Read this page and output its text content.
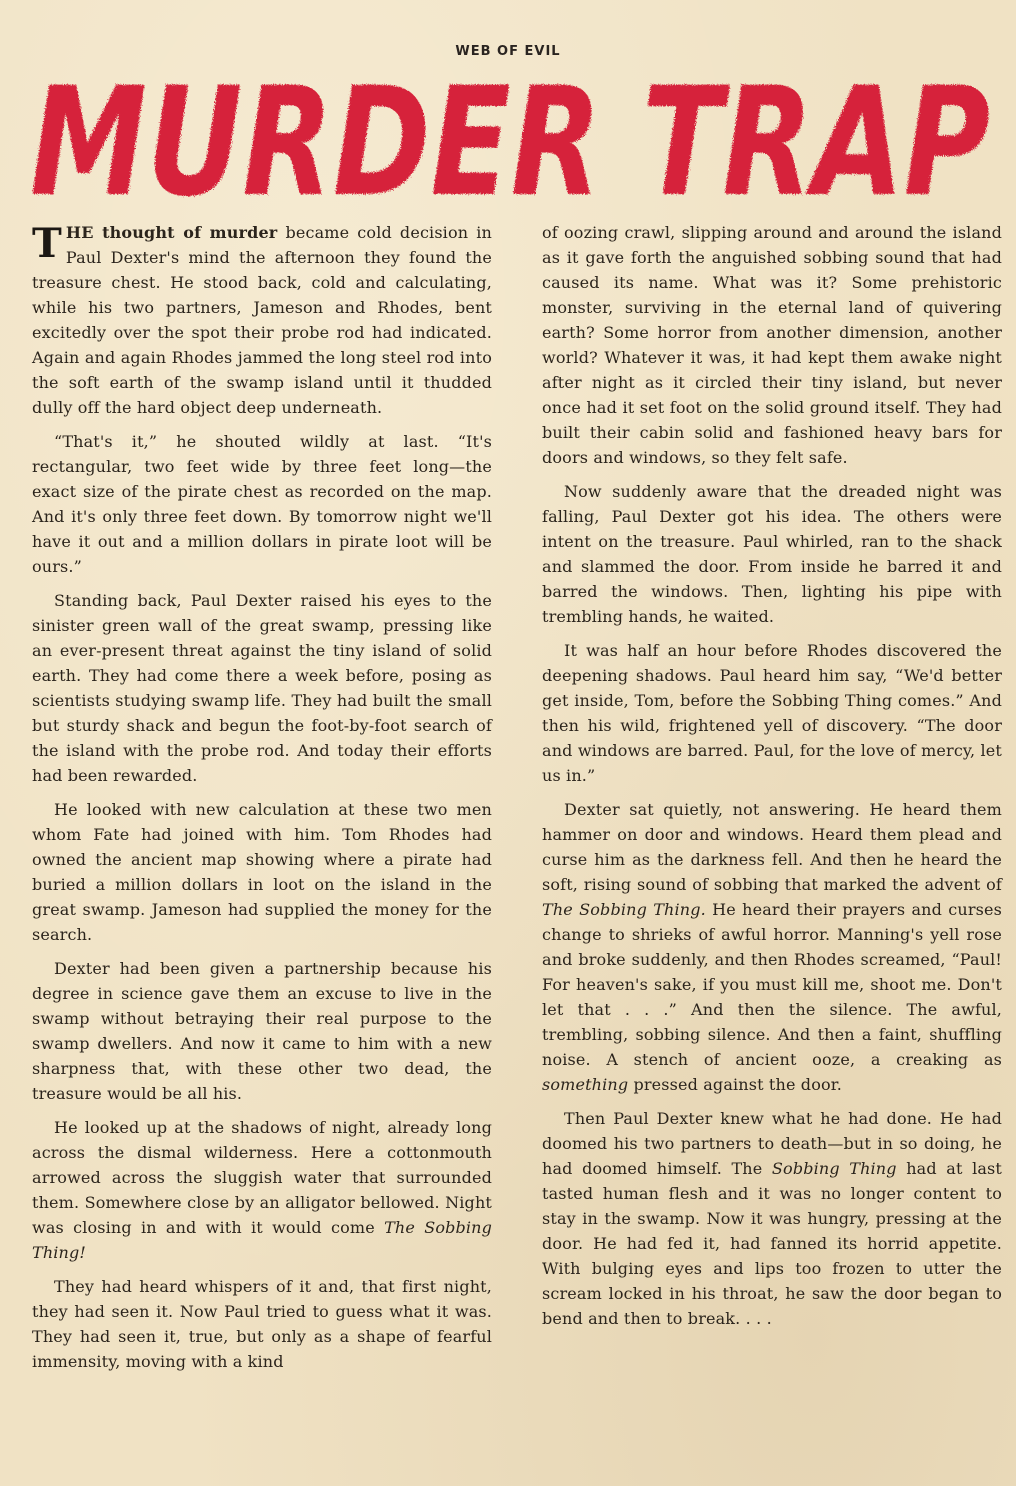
WEB OF EVIL
MURDER TRAP

THE thought of murder became cold decision in Paul Dexter's mind the afternoon they found the treasure chest. He stood back, cold and calculating, while his two partners, Jameson and Rhodes, bent excitedly over the spot their probe rod had indicated. Again and again Rhodes jammed the long steel rod into the soft earth of the swamp island until it thudded dully off the hard object deep underneath.

“That's it,” he shouted wildly at last. “It's rectangular, two feet wide by three feet long—the exact size of the pirate chest as recorded on the map. And it's only three feet down. By tomorrow night we'll have it out and a million dollars in pirate loot will be ours.”

Standing back, Paul Dexter raised his eyes to the sinister green wall of the great swamp, pressing like an ever-present threat against the tiny island of solid earth. They had come there a week before, posing as scientists studying swamp life. They had built the small but sturdy shack and begun the foot-by-foot search of the island with the probe rod. And today their efforts had been rewarded.

He looked with new calculation at these two men whom Fate had joined with him. Tom Rhodes had owned the ancient map showing where a pirate had buried a million dollars in loot on the island in the great swamp. Jameson had supplied the money for the search.

Dexter had been given a partnership because his degree in science gave them an excuse to live in the swamp without betraying their real purpose to the swamp dwellers. And now it came to him with a new sharpness that, with these other two dead, the treasure would be all his.

He looked up at the shadows of night, already long across the dismal wilderness. Here a cottonmouth arrowed across the sluggish water that surrounded them. Somewhere close by an alligator bellowed. Night was closing in and with it would come The Sobbing Thing!

They had heard whispers of it and, that first night, they had seen it. Now Paul tried to guess what it was. They had seen it, true, but only as a shape of fearful immensity, moving with a kind

of oozing crawl, slipping around and around the island as it gave forth the anguished sobbing sound that had caused its name. What was it? Some prehistoric monster, surviving in the eternal land of quivering earth? Some horror from another dimension, another world? Whatever it was, it had kept them awake night after night as it circled their tiny island, but never once had it set foot on the solid ground itself. They had built their cabin solid and fashioned heavy bars for doors and windows, so they felt safe.

Now suddenly aware that the dreaded night was falling, Paul Dexter got his idea. The others were intent on the treasure. Paul whirled, ran to the shack and slammed the door. From inside he barred it and barred the windows. Then, lighting his pipe with trembling hands, he waited.

It was half an hour before Rhodes discovered the deepening shadows. Paul heard him say, “We'd better get inside, Tom, before the Sobbing Thing comes.” And then his wild, frightened yell of discovery. “The door and windows are barred. Paul, for the love of mercy, let us in.”

Dexter sat quietly, not answering. He heard them hammer on door and windows. Heard them plead and curse him as the darkness fell. And then he heard the soft, rising sound of sobbing that marked the advent of The Sobbing Thing. He heard their prayers and curses change to shrieks of awful horror. Manning's yell rose and broke suddenly, and then Rhodes screamed, “Paul! For heaven's sake, if you must kill me, shoot me. Don't let that . . .” And then the silence. The awful, trembling, sobbing silence. And then a faint, shuffling noise. A stench of ancient ooze, a creaking as something pressed against the door.

Then Paul Dexter knew what he had done. He had doomed his two partners to death—but in so doing, he had doomed himself. The Sobbing Thing had at last tasted human flesh and it was no longer content to stay in the swamp. Now it was hungry, pressing at the door. He had fed it, had fanned its horrid appetite. With bulging eyes and lips too frozen to utter the scream locked in his throat, he saw the door began to bend and then to break. . . .
